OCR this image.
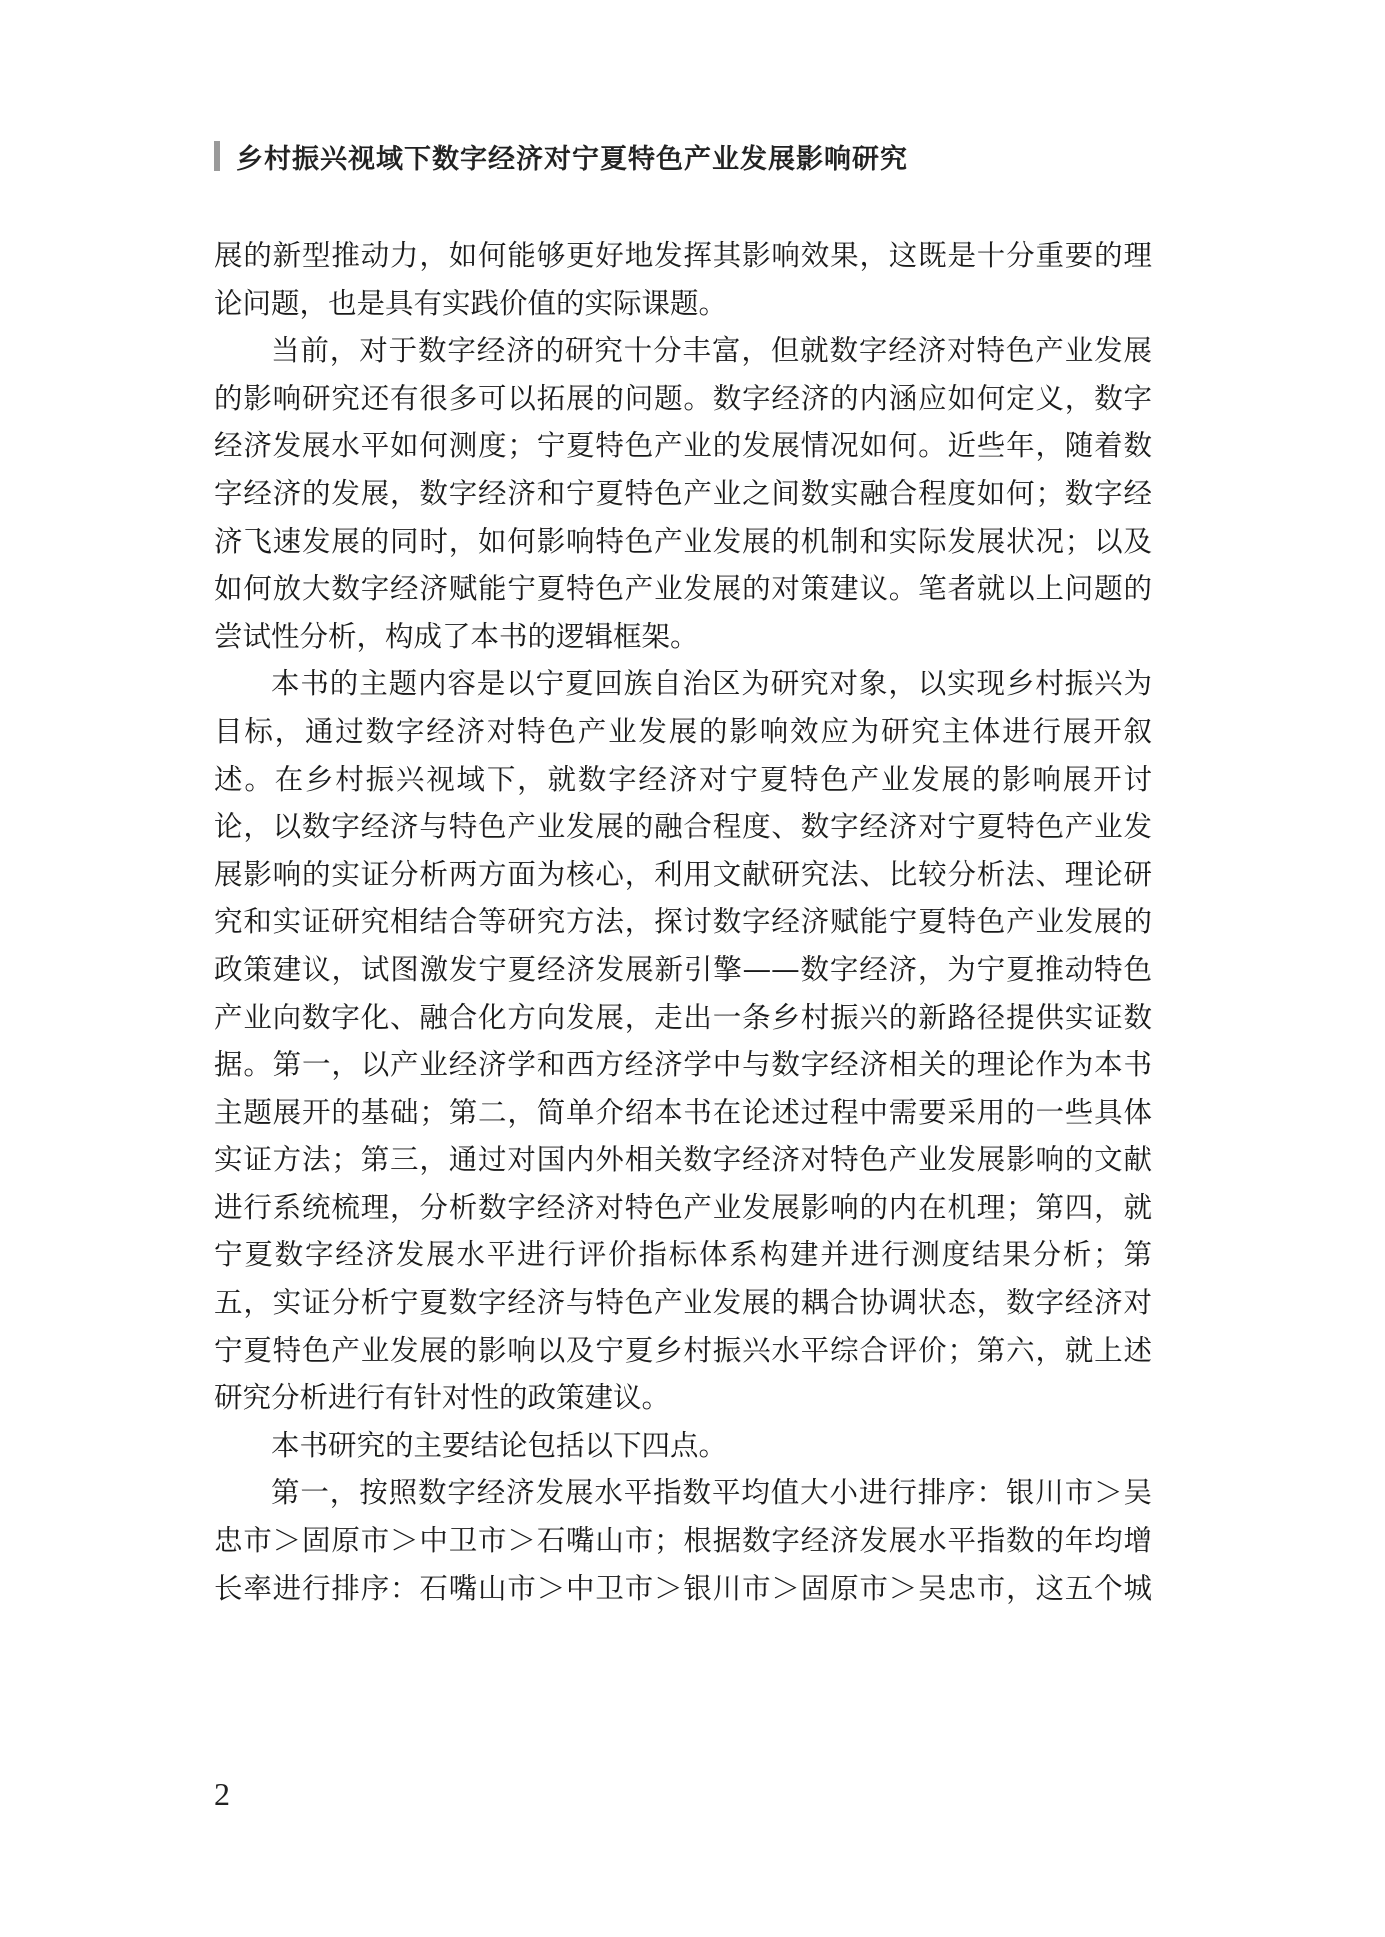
乡村振兴视域下数字经济对宁夏特色产业发展影响研究
展的新型推动力，如何能够更好地发挥其影响效果，这既是十分重要的理
论问题，也是具有实践价值的实际课题。
当前，对于数字经济的研究十分丰富，但就数字经济对特色产业发展
的影响研究还有很多可以拓展的问题。数字经济的内涵应如何定义，数字
经济发展水平如何测度；宁夏特色产业的发展情况如何。近些年，随着数
字经济的发展，数字经济和宁夏特色产业之间数实融合程度如何；数字经
济飞速发展的同时，如何影响特色产业发展的机制和实际发展状况；以及
如何放大数字经济赋能宁夏特色产业发展的对策建议。笔者就以上问题的
尝试性分析，构成了本书的逻辑框架。
本书的主题内容是以宁夏回族自治区为研究对象，以实现乡村振兴为
目标，通过数字经济对特色产业发展的影响效应为研究主体进行展开叙
述。在乡村振兴视域下，就数字经济对宁夏特色产业发展的影响展开讨
论，以数字经济与特色产业发展的融合程度、数字经济对宁夏特色产业发
展影响的实证分析两方面为核心，利用文献研究法、比较分析法、理论研
究和实证研究相结合等研究方法，探讨数字经济赋能宁夏特色产业发展的
政策建议，试图激发宁夏经济发展新引擎——数字经济，为宁夏推动特色
产业向数字化、融合化方向发展，走出一条乡村振兴的新路径提供实证数
据。第一，以产业经济学和西方经济学中与数字经济相关的理论作为本书
主题展开的基础；第二，简单介绍本书在论述过程中需要采用的一些具体
实证方法；第三，通过对国内外相关数字经济对特色产业发展影响的文献
进行系统梳理，分析数字经济对特色产业发展影响的内在机理；第四，就
宁夏数字经济发展水平进行评价指标体系构建并进行测度结果分析；第
五，实证分析宁夏数字经济与特色产业发展的耦合协调状态，数字经济对
宁夏特色产业发展的影响以及宁夏乡村振兴水平综合评价；第六，就上述
研究分析进行有针对性的政策建议。
本书研究的主要结论包括以下四点。
第一，按照数字经济发展水平指数平均值大小进行排序：银川市＞吴
忠市＞固原市＞中卫市＞石嘴山市；根据数字经济发展水平指数的年均增
长率进行排序：石嘴山市＞中卫市＞银川市＞固原市＞吴忠市，这五个城
2
